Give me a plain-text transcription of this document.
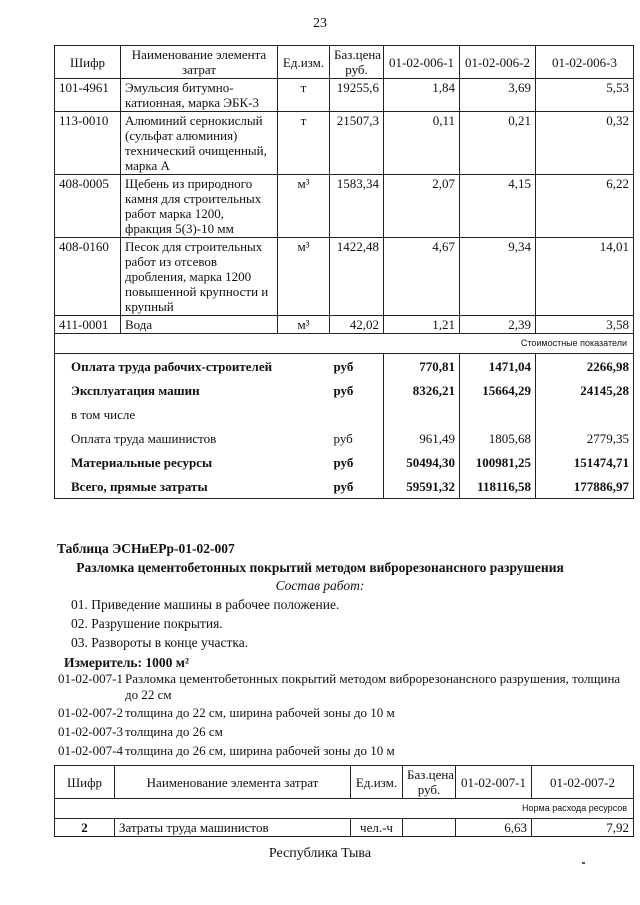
23
Шифр	Наименование элемента затрат	Ед.изм.	Баз.цена руб.	01-02-006-1	01-02-006-2	01-02-006-3
101-4961	Эмульсия битумно-катионная, марка ЭБК-3	т	19255,6	1,84	3,69	5,53
113-0010	Алюминий сернокислый (сульфат алюминия) технический очищенный, марка А	т	21507,3	0,11	0,21	0,32
408-0005	Щебень из природного камня для строительных работ марка 1200, фракция 5(3)-10 мм	м³	1583,34	2,07	4,15	6,22
408-0160	Песок для строительных работ из отсевов дробления, марка 1200 повышенной крупности и крупный	м³	1422,48	4,67	9,34	14,01
411-0001	Вода	м³	42,02	1,21	2,39	3,58
Стоимостные показатели						
Оплата труда рабочих-строителей			руб	770,81	1471,04	2266,98
Эксплуатация машин			руб	8326,21	15664,29	24145,28
в том числе						
Оплата труда машинистов			руб	961,49	1805,68	2779,35
Материальные ресурсы			руб	50494,30	100981,25	151474,71
Всего, прямые затраты			руб	59591,32	118116,58	177886,97
Таблица ЭСНиЕРр-01-02-007
Разломка цементобетонных покрытий методом виброрезонансного разрушения
Состав работ:
01. Приведение машины в рабочее положение.
02. Разрушение покрытия.
03. Развороты в конце участка.
Измеритель: 1000 м²
01-02-007-1 Разломка цементобетонных покрытий методом виброрезонансного разрушения, толщина до 22 см
01-02-007-2 толщина до 22 см, ширина рабочей зоны до 10 м
01-02-007-3 толщина до 26 см
01-02-007-4 толщина до 26 см, ширина рабочей зоны до 10 м
Шифр	Наименование элемента затрат	Ед.изм.	Баз.цена руб.	01-02-007-1	01-02-007-2
Норма расхода ресурсов					
2	Затраты труда машинистов	чел.-ч		6,63	7,92
Республика Тыва
